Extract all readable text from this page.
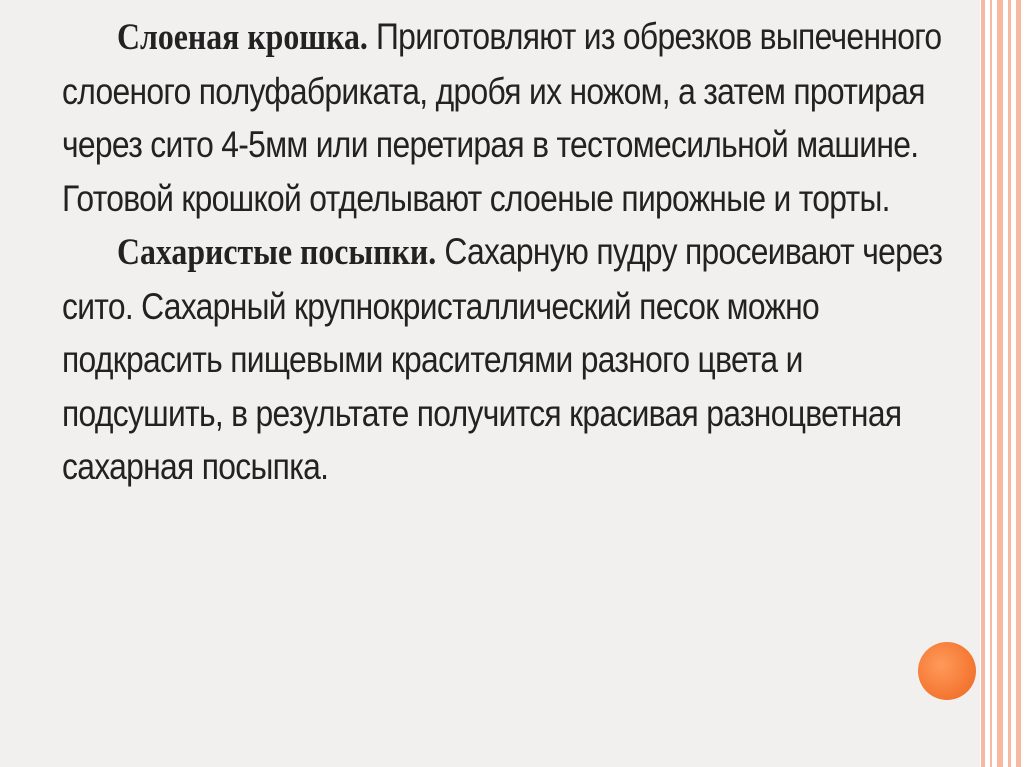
Слоеная крошка. Приготовляют из обрезков выпеченного слоеного полуфабриката, дробя их ножом, а затем протирая через сито 4-5мм или перетирая в тестомесильной машине. Готовой крошкой отделывают слоеные пирожные и торты.

Сахаристые посыпки. Сахарную пудру просеивают через сито. Сахарный крупнокристаллический песок можно подкрасить пищевыми красителями разного цвета и подсушить, в результате получится красивая разноцветная сахарная посыпка.
